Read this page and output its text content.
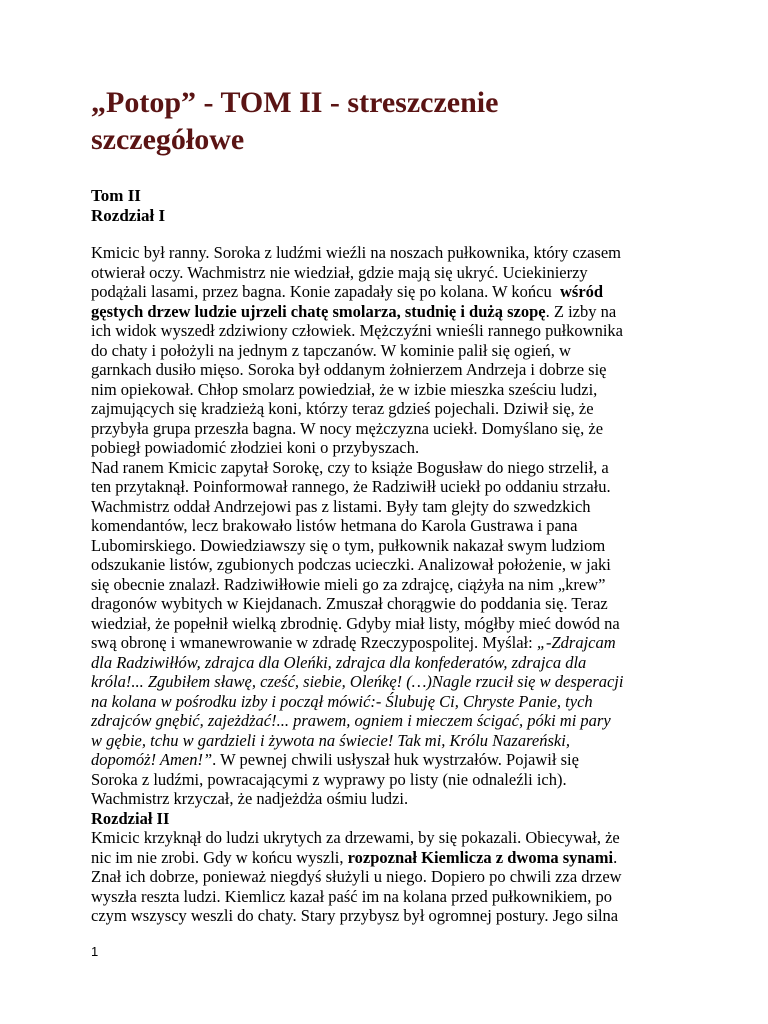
„Potop” - TOM II - streszczenie
szczegółowe
Tom II
Rozdział I
Kmicic był ranny. Soroka z ludźmi wieźli na noszach pułkownika, który czasem
otwierał oczy. Wachmistrz nie wiedział, gdzie mają się ukryć. Uciekinierzy
podążali lasami, przez bagna. Konie zapadały się po kolana. W końcu  wśród
gęstych drzew ludzie ujrzeli chatę smolarza, studnię i dużą szopę. Z izby na
ich widok wyszedł zdziwiony człowiek. Mężczyźni wnieśli rannego pułkownika
do chaty i położyli na jednym z tapczanów. W kominie palił się ogień, w
garnkach dusiło mięso. Soroka był oddanym żołnierzem Andrzeja i dobrze się
nim opiekował. Chłop smolarz powiedział, że w izbie mieszka sześciu ludzi,
zajmujących się kradzieżą koni, którzy teraz gdzieś pojechali. Dziwił się, że
przybyła grupa przeszła bagna. W nocy mężczyzna uciekł. Domyślano się, że
pobiegł powiadomić złodziei koni o przybyszach.
Nad ranem Kmicic zapytał Sorokę, czy to książe Bogusław do niego strzelił, a
ten przytaknął. Poinformował rannego, że Radziwiłł uciekł po oddaniu strzału.
Wachmistrz oddał Andrzejowi pas z listami. Były tam glejty do szwedzkich
komendantów, lecz brakowało listów hetmana do Karola Gustrawa i pana
Lubomirskiego. Dowiedziawszy się o tym, pułkownik nakazał swym ludziom
odszukanie listów, zgubionych podczas ucieczki. Analizował położenie, w jaki
się obecnie znalazł. Radziwiłłowie mieli go za zdrajcę, ciążyła na nim „krew”
dragonów wybitych w Kiejdanach. Zmuszał chorągwie do poddania się. Teraz
wiedział, że popełnił wielką zbrodnię. Gdyby miał listy, mógłby mieć dowód na
swą obronę i wmanewrowanie w zdradę Rzeczypospolitej. Myślał: „-Zdrajcam
dla Radziwiłłów, zdrajca dla Oleńki, zdrajca dla konfederatów, zdrajca dla
króla!... Zgubiłem sławę, cześć, siebie, Oleńkę! (…)Nagle rzucił się w desperacji
na kolana w pośrodku izby i począł mówić:- Ślubuję Ci, Chryste Panie, tych
zdrajców gnębić, zajeżdżać!... prawem, ogniem i mieczem ścigać, póki mi pary
w gębie, tchu w gardzieli i żywota na świecie! Tak mi, Królu Nazareński,
dopomóż! Amen!”. W pewnej chwili usłyszał huk wystrzałów. Pojawił się
Soroka z ludźmi, powracającymi z wyprawy po listy (nie odnaleźli ich).
Wachmistrz krzyczał, że nadjeżdża ośmiu ludzi.
Rozdział II
Kmicic krzyknął do ludzi ukrytych za drzewami, by się pokazali. Obiecywał, że
nic im nie zrobi. Gdy w końcu wyszli, rozpoznał Kiemlicza z dwoma synami.
Znał ich dobrze, ponieważ niegdyś służyli u niego. Dopiero po chwili zza drzew
wyszła reszta ludzi. Kiemlicz kazał paść im na kolana przed pułkownikiem, po
czym wszyscy weszli do chaty. Stary przybysz był ogromnej postury. Jego silna
1
